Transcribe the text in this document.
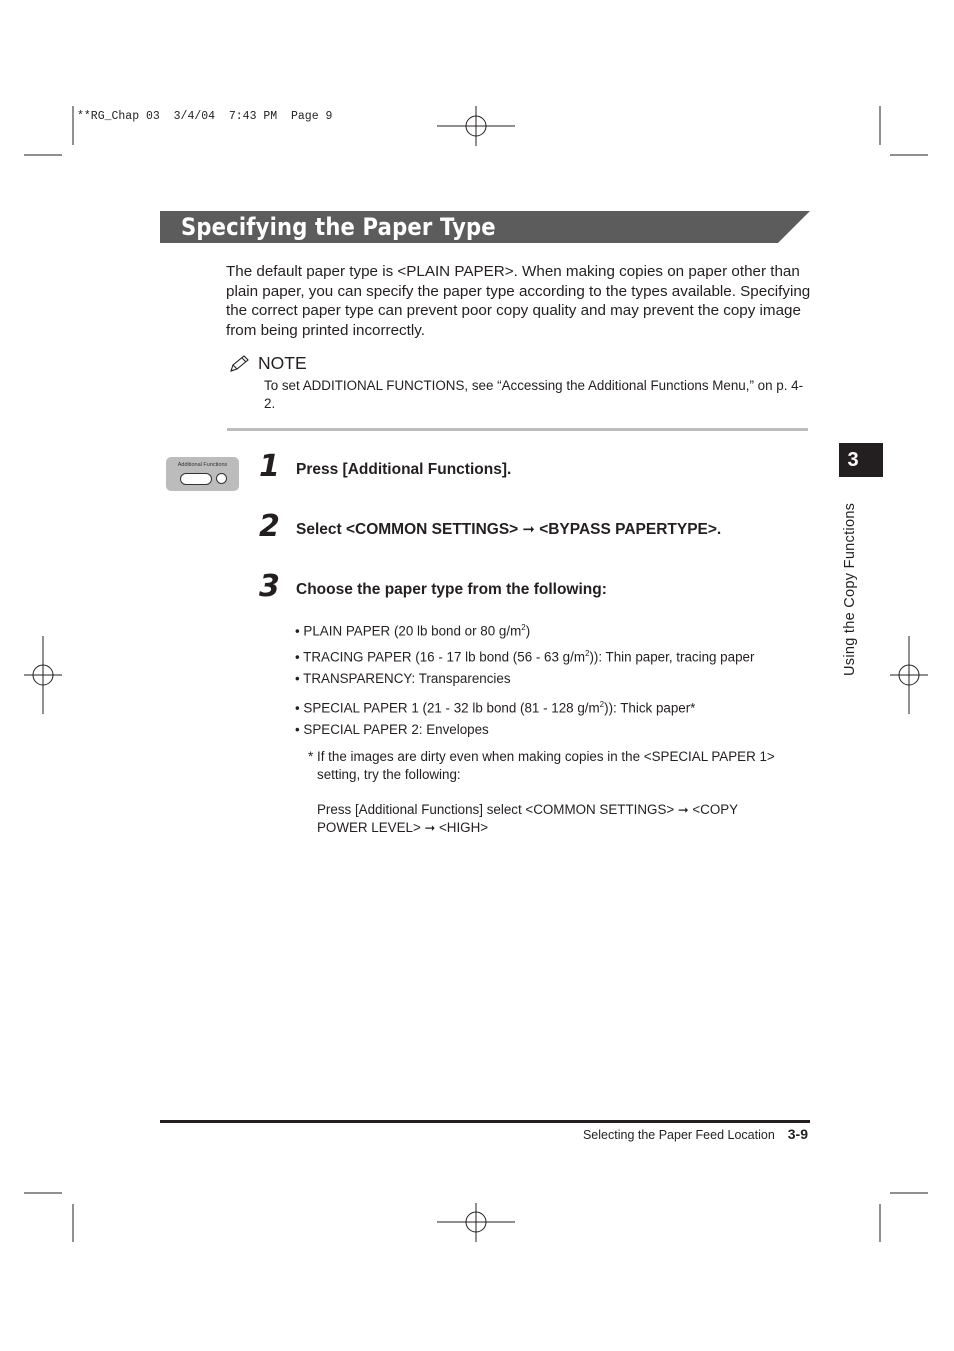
**RG_Chap 03 3/4/04 7:43 PM Page 9
Specifying the Paper Type
The default paper type is <PLAIN PAPER>. When making copies on paper other than plain paper, you can specify the paper type according to the types available. Specifying the correct paper type can prevent poor copy quality and may prevent the copy image from being printed incorrectly.
NOTE
To set ADDITIONAL FUNCTIONS, see “Accessing the Additional Functions Menu,” on p. 4-2.
Additional Functions	1 Press [Additional Functions].
2 Select <COMMON SETTINGS> ➞ <BYPASS PAPERTYPE>.
3 Choose the paper type from the following:
• PLAIN PAPER (20 lb bond or 80 $g/m^2$)
• TRACING PAPER (16 - 17 lb bond (56 - 63 $g/m^2$)): Thin paper, tracing paper
• TRANSPARENCY: Transparencies
• SPECIAL PAPER 1 (21 - 32 lb bond (81 - 128 $g/m^2$)): Thick paper*
• SPECIAL PAPER 2: Envelopes
* If the images are dirty even when making copies in the <SPECIAL PAPER 1>
setting, try the following:
Press [Additional Functions] select <COMMON SETTINGS> ➞ <COPY
POWER LEVEL> ➞ <HIGH>
3
Using the Copy Functions
Selecting the Paper Feed Location 3-9
